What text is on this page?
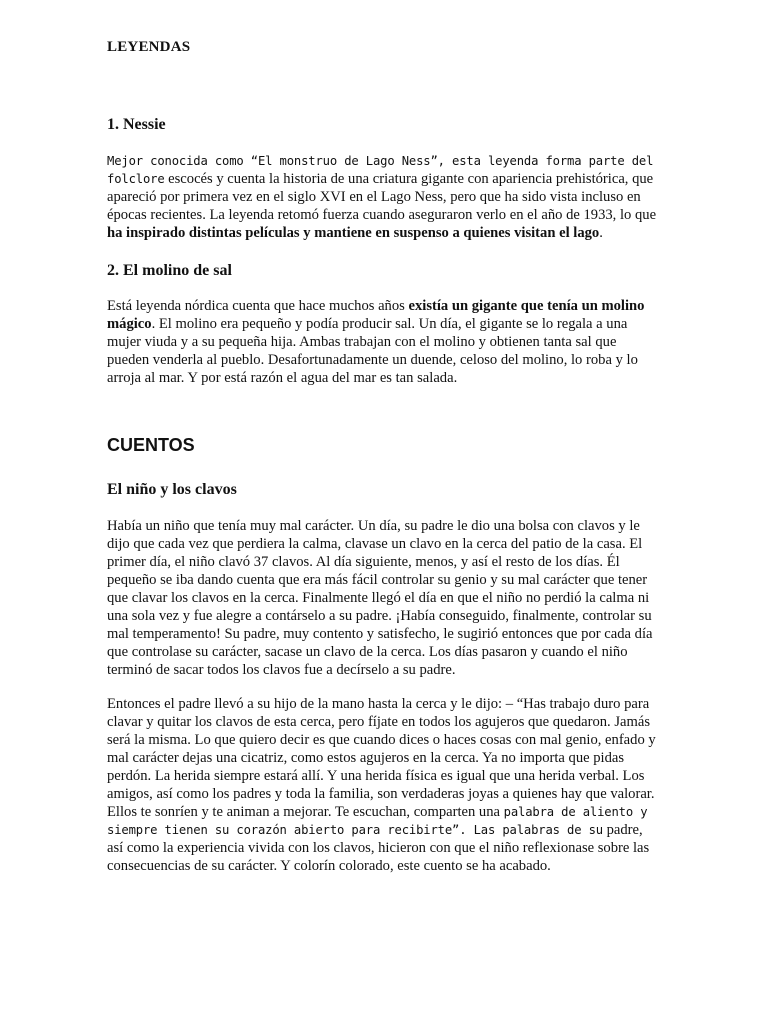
LEYENDAS
1. Nessie

Mejor conocida como “El monstruo de Lago Ness”, esta leyenda forma parte del folclore escocés y cuenta la historia de una criatura gigante con apariencia prehistórica, que apareció por primera vez en el siglo XVI en el Lago Ness, pero que ha sido vista incluso en épocas recientes. La leyenda retomó fuerza cuando aseguraron verlo en el año de 1933, lo que ha inspirado distintas películas y mantiene en suspenso a quienes visitan el lago.

2. El molino de sal

Está leyenda nórdica cuenta que hace muchos años existía un gigante que tenía un molino mágico. El molino era pequeño y podía producir sal. Un día, el gigante se lo regala a una mujer viuda y a su pequeña hija. Ambas trabajan con el molino y obtienen tanta sal que pueden venderla al pueblo. Desafortunadamente un duende, celoso del molino, lo roba y lo arroja al mar. Y por está razón el agua del mar es tan salada.

CUENTOS
El niño y los clavos

Había un niño que tenía muy mal carácter. Un día, su padre le dio una bolsa con clavos y le dijo que cada vez que perdiera la calma, clavase un clavo en la cerca del patio de la casa. El primer día, el niño clavó 37 clavos. Al día siguiente, menos, y así el resto de los días. Él pequeño se iba dando cuenta que era más fácil controlar su genio y su mal carácter que tener que clavar los clavos en la cerca. Finalmente llegó el día en que el niño no perdió la calma ni una sola vez y fue alegre a contárselo a su padre. ¡Había conseguido, finalmente, controlar su mal temperamento! Su padre, muy contento y satisfecho, le sugirió entonces que por cada día que controlase su carácter, sacase un clavo de la cerca. Los días pasaron y cuando el niño terminó de sacar todos los clavos fue a decírselo a su padre.

Entonces el padre llevó a su hijo de la mano hasta la cerca y le dijo: – “Has trabajo duro para clavar y quitar los clavos de esta cerca, pero fíjate en todos los agujeros que quedaron. Jamás será la misma. Lo que quiero decir es que cuando dices o haces cosas con mal genio, enfado y mal carácter dejas una cicatriz, como estos agujeros en la cerca. Ya no importa que pidas perdón. La herida siempre estará allí. Y una herida física es igual que una herida verbal. Los amigos, así como los padres y toda la familia, son verdaderas joyas a quienes hay que valorar. Ellos te sonríen y te animan a mejorar. Te escuchan, comparten una palabra de aliento y siempre tienen su corazón abierto para recibirte”. Las palabras de su padre, así como la experiencia vivida con los clavos, hicieron con que el niño reflexionase sobre las consecuencias de su carácter. Y colorín colorado, este cuento se ha acabado.
